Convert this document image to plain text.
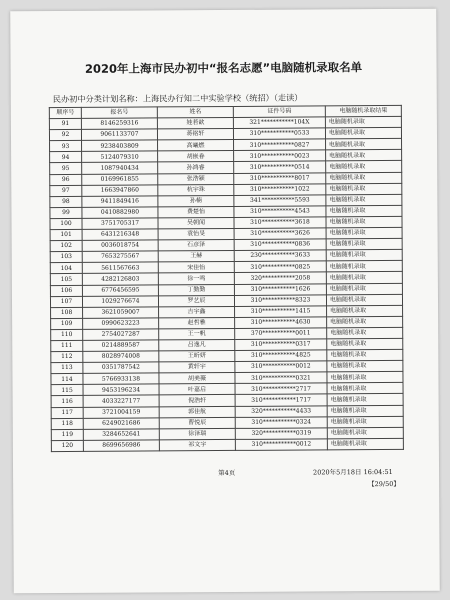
2020年上海市民办初中“报名志愿”电脑随机录取名单
民办初中分类计划名称：上海民办行知二中实验学校（统招）（走读）
顺序号	报名号	姓名	证件号码	电脑随机录取结果
91	8146259316	娃若歆	321***********104X	电脑随机录取
92	9061133707	蒋铭轩	310***********0533	电脑随机录取
93	9238403809	高曦燃	310***********0827	电脑随机录取
94	5124079310	胡嵌眷	310***********0023	电脑随机录取
95	1087940434	孙鸿睿	310***********0514	电脑随机录取
96	0169961855	张浩颍	310***********8017	电脑随机录取
97	1663947860	杭宇珠	310***********1022	电脑随机录取
98	9411849416	孙楠	341***********5593	电脑随机录取
99	0410882980	费楚怡	310***********4543	电脑随机录取
100	3751705317	吴朝闻	310***********3618	电脑随机录取
101	6431216348	袁怡旻	310***********3626	电脑随机录取
102	0036018754	石彦泽	310***********0836	电脑随机录取
103	7653275567	王赫	230***********3633	电脑随机录取
104	5611567663	宋佳怡	310***********0825	电脑随机录取
105	4282126803	徐一鸣	320***********2058	电脑随机录取
106	6776456595	丁勤勤	310***********1626	电脑随机录取
107	1029276674	罗艺辰	310***********8323	电脑随机录取
108	3621059007	吉宇鑫	310***********1415	电脑随机录取
109	0990623223	赵哲雅	310***********4630	电脑随机录取
110	2754027287	王一帆	370***********0011	电脑随机录取
111	0214889587	吕逸凡	310***********0317	电脑随机录取
112	8028974008	王昕妍	310***********4825	电脑随机录取
113	0351787542	黄轩宇	310***********0012	电脑随机录取
114	5766933138	胡美薇	310***********0321	电脑随机录取
115	9453196234	叶嘉启	310***********2717	电脑随机录取
116	4033227177	倪浩轩	310***********1717	电脑随机录取
117	3721004159	郭佳航	320***********4433	电脑随机录取
118	6249021686	曹悦辰	310***********0324	电脑随机录取
119	3284652641	徐泽瑞	320***********0319	电脑随机录取
120	8699656986	祁文宇	310***********0012	电脑随机录取
第4页	2020年5月18日 16:04:51
【29/50】
